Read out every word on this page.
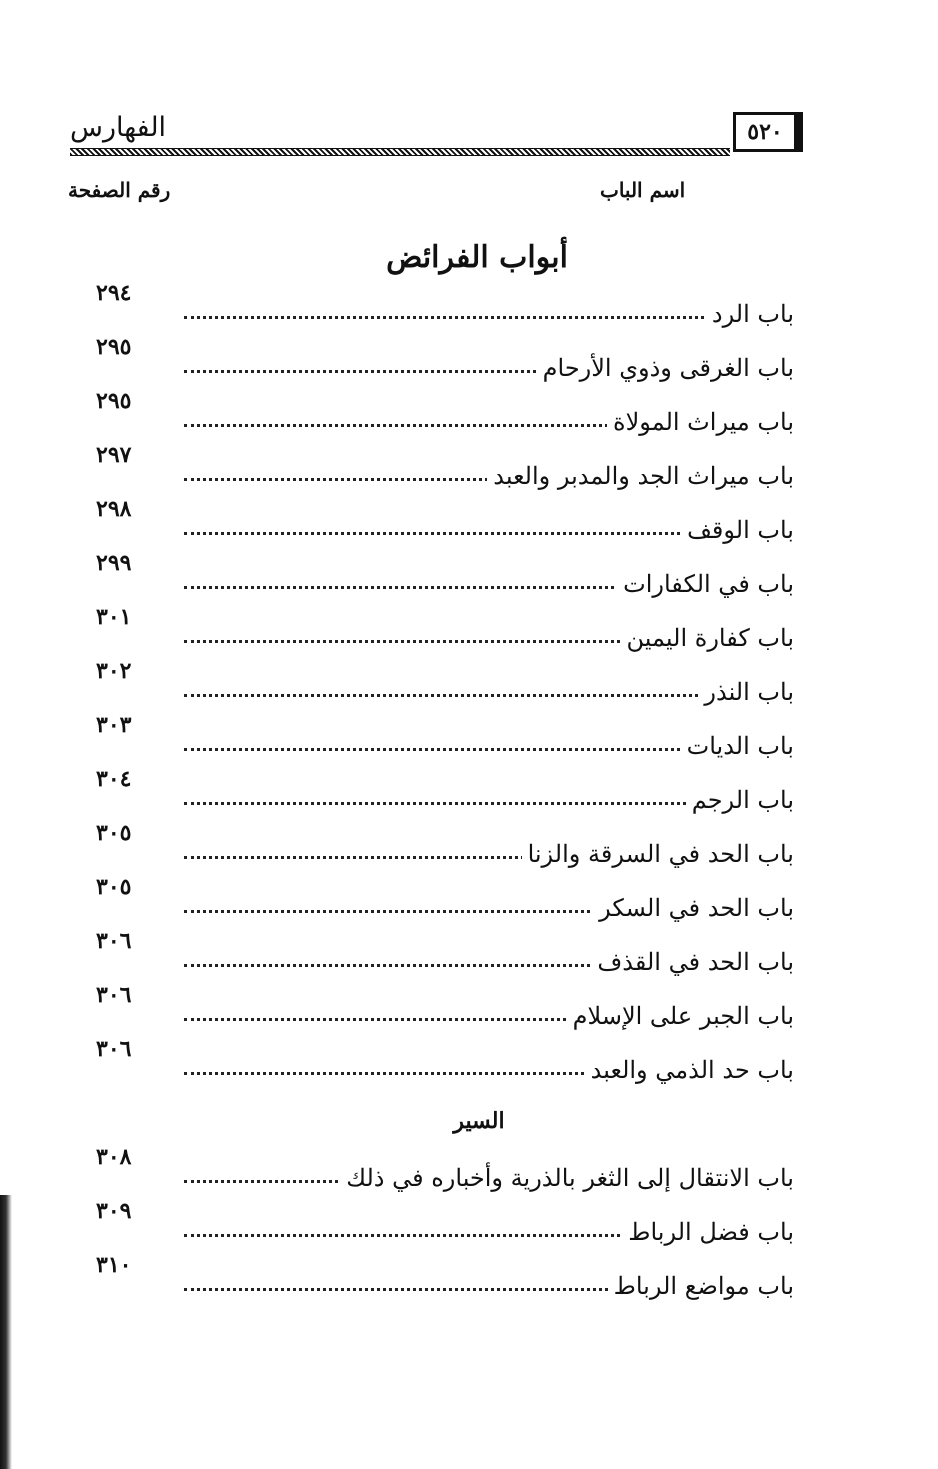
الفهارس	٥٢٠
اسم الباب
رقم الصفحة
أبواب الفرائض
باب الرد
٢٩٤
باب الغرقى وذوي الأرحام
٢٩٥
باب ميراث المولاة
٢٩٥
باب ميراث الجد والمدبر والعبد
٢٩٧
باب الوقف
٢٩٨
باب في الكفارات
٢٩٩
باب كفارة اليمين
٣٠١
باب النذر
٣٠٢
باب الديات
٣٠٣
باب الرجم
٣٠٤
باب الحد في السرقة والزنا
٣٠٥
باب الحد في السكر
٣٠٥
باب الحد في القذف
٣٠٦
باب الجبر على الإسلام
٣٠٦
باب حد الذمي والعبد
٣٠٦
السير
باب الانتقال إلى الثغر بالذرية وأخباره في ذلك
٣٠٨
باب فضل الرباط
٣٠٩
باب مواضع الرباط
٣١٠
